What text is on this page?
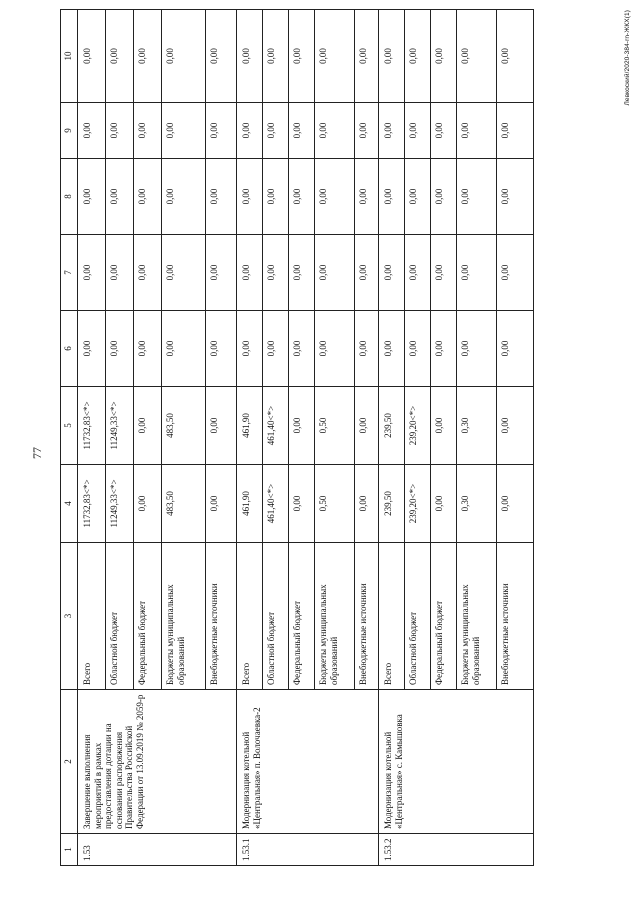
77
1	2	3	4	5	6	7	8	9	10
1.53	Завершение выполнения мероприятий в рамках предоставления дотации на основании распоряжения Правительства Российской Федерации от 13.09.2019 № 2059-р	Всего	11732,83<*>	11732,83<*>	0,00	0,00	0,00	0,00	0,00
		Областной бюджет	11249,33<*>	11249,33<*>	0,00	0,00	0,00	0,00	0,00
		Федеральный бюджет	0,00	0,00	0,00	0,00	0,00	0,00	0,00
		Бюджеты муниципальных образований	483,50	483,50	0,00	0,00	0,00	0,00	0,00
		Внебюджетные источники	0,00	0,00	0,00	0,00	0,00	0,00	0,00
1.53.1	Модернизация котельной «Центральная» п. Волочаевка-2	Всего	461,90	461,90	0,00	0,00	0,00	0,00	0,00
		Областной бюджет	461,40<*>	461,40<*>	0,00	0,00	0,00	0,00	0,00
		Федеральный бюджет	0,00	0,00	0,00	0,00	0,00	0,00	0,00
		Бюджеты муниципальных образований	0,50	0,50	0,00	0,00	0,00	0,00	0,00
		Внебюджетные источники	0,00	0,00	0,00	0,00	0,00	0,00	0,00
1.53.2	Модернизация котельной «Центральная» с. Камышовка	Всего	239,50	239,50	0,00	0,00	0,00	0,00	0,00
		Областной бюджет	239,20<*>	239,20<*>	0,00	0,00	0,00	0,00	0,00
		Федеральный бюджет	0,00	0,00	0,00	0,00	0,00	0,00	0,00
		Бюджеты муниципальных образований	0,30	0,30	0,00	0,00	0,00	0,00	0,00
		Внебюджетные источники	0,00	0,00	0,00	0,00	0,00	0,00	0,00	Левкоский/2020-384-rn-ЖКХ(1)
